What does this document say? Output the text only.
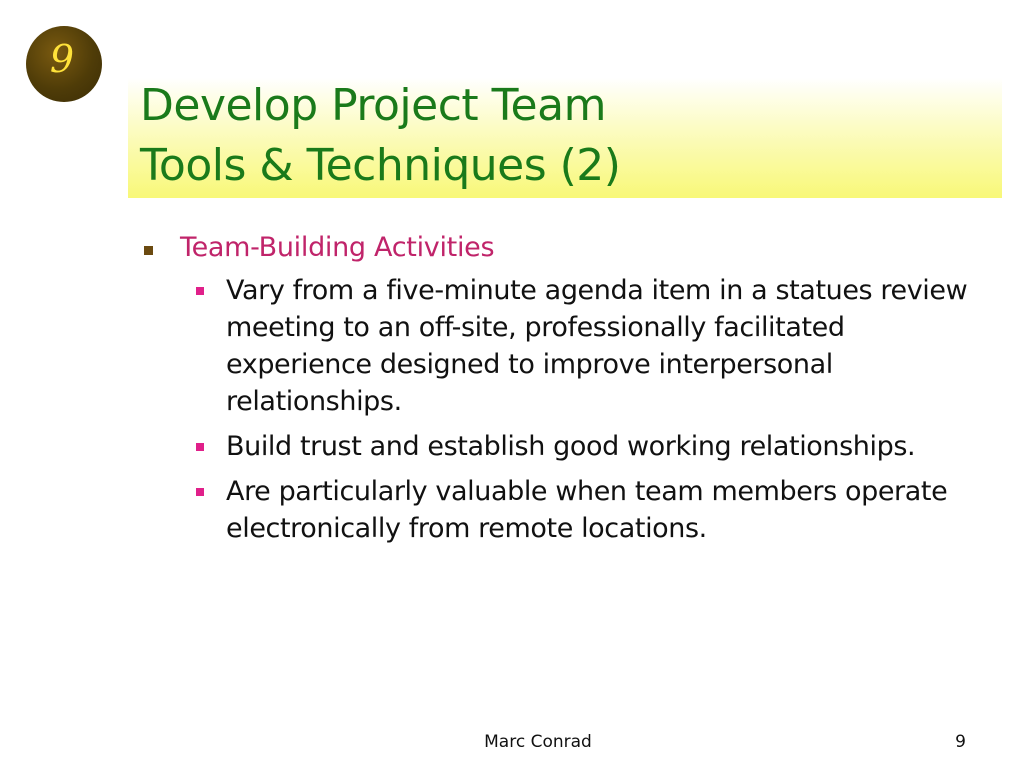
9
Develop Project Team
Tools & Techniques (2)
Team-Building Activities
Vary from a five-minute agenda item in a statues review meeting to an off-site, professionally facilitated experience designed to improve interpersonal relationships.
Build trust and establish good working relationships.
Are particularly valuable when team members operate electronically from remote locations.
Marc Conrad	9
